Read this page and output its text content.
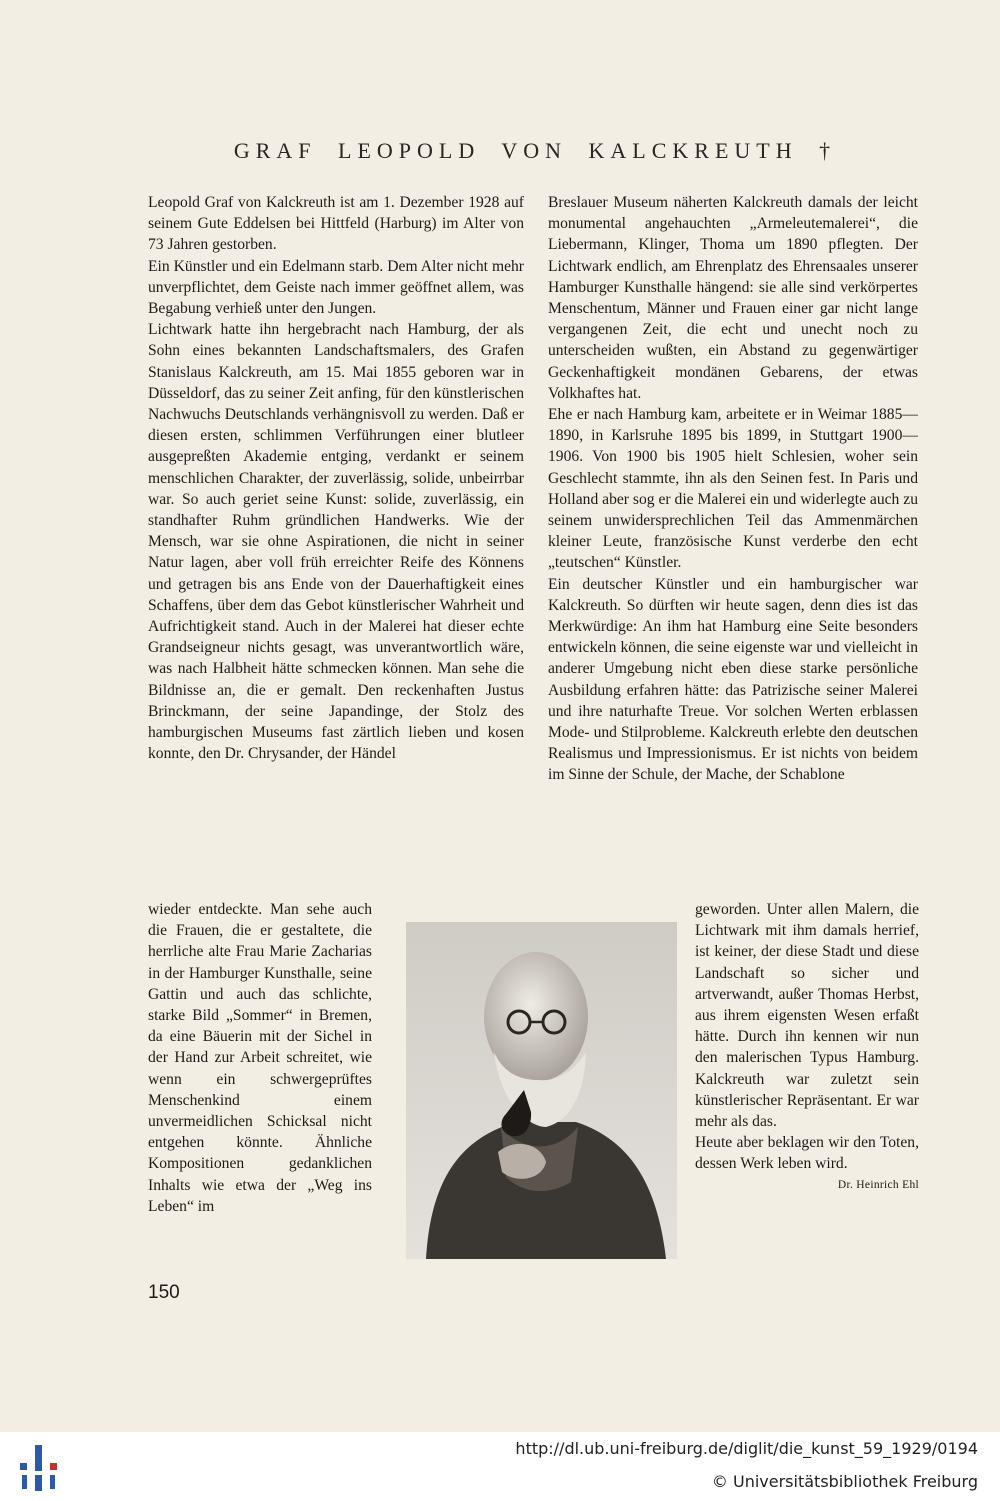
GRAF LEOPOLD VON KALCKREUTH †

Leopold Graf von Kalckreuth ist am 1. Dezember 1928 auf seinem Gute Eddelsen bei Hittfeld (Harburg) im Alter von 73 Jahren gestorben.

Ein Künstler und ein Edelmann starb. Dem Alter nicht mehr unverpflichtet, dem Geiste nach immer geöffnet allem, was Begabung verhieß unter den Jungen.

Lichtwark hatte ihn hergebracht nach Hamburg, der als Sohn eines bekannten Landschaftsmalers, des Grafen Stanislaus Kalckreuth, am 15. Mai 1855 geboren war in Düsseldorf, das zu seiner Zeit anfing, für den künstlerischen Nachwuchs Deutschlands verhängnisvoll zu werden. Daß er diesen ersten, schlimmen Verführungen einer blutleer ausgepreßten Akademie entging, verdankt er seinem menschlichen Charakter, der zuverlässig, solide, unbeirrbar war. So auch geriet seine Kunst: solide, zuverlässig, ein standhafter Ruhm gründlichen Handwerks. Wie der Mensch, war sie ohne Aspirationen, die nicht in seiner Natur lagen, aber voll früh erreichter Reife des Könnens und getragen bis ans Ende von der Dauerhaftigkeit eines Schaffens, über dem das Gebot künstlerischer Wahrheit und Aufrichtigkeit stand. Auch in der Malerei hat dieser echte Grandseigneur nichts gesagt, was unverantwortlich wäre, was nach Halbheit hätte schmecken können. Man sehe die Bildnisse an, die er gemalt. Den reckenhaften Justus Brinckmann, der seine Japandinge, der Stolz des hamburgischen Museums fast zärtlich lieben und kosen konnte, den Dr. Chrysander, der Händel

Breslauer Museum näherten Kalckreuth damals der leicht monumental angehauchten „Armeleutemalerei“, die Liebermann, Klinger, Thoma um 1890 pflegten. Der Lichtwark endlich, am Ehrenplatz des Ehrensaales unserer Hamburger Kunsthalle hängend: sie alle sind verkörpertes Menschentum, Männer und Frauen einer gar nicht lange vergangenen Zeit, die echt und unecht noch zu unterscheiden wußten, ein Abstand zu gegenwärtiger Geckenhaftigkeit mondänen Gebarens, der etwas Volkhaftes hat.

Ehe er nach Hamburg kam, arbeitete er in Weimar 1885—1890, in Karlsruhe 1895 bis 1899, in Stuttgart 1900—1906. Von 1900 bis 1905 hielt Schlesien, woher sein Geschlecht stammte, ihn als den Seinen fest. In Paris und Holland aber sog er die Malerei ein und widerlegte auch zu seinem unwidersprechlichen Teil das Ammenmärchen kleiner Leute, französische Kunst verderbe den echt „teutschen“ Künstler.

Ein deutscher Künstler und ein hamburgischer war Kalckreuth. So dürften wir heute sagen, denn dies ist das Merkwürdige: An ihm hat Hamburg eine Seite besonders entwickeln können, die seine eigenste war und vielleicht in anderer Umgebung nicht eben diese starke persönliche Ausbildung erfahren hätte: das Patrizische seiner Malerei und ihre naturhafte Treue. Vor solchen Werten erblassen Mode- und Stilprobleme. Kalckreuth erlebte den deutschen Realismus und Impressionismus. Er ist nichts von beidem im Sinne der Schule, der Mache, der Schablone

wieder entdeckte. Man sehe auch die Frauen, die er gestaltete, die herrliche alte Frau Marie Zacharias in der Hamburger Kunsthalle, seine Gattin und auch das schlichte, starke Bild „Sommer“ in Bremen, da eine Bäuerin mit der Sichel in der Hand zur Arbeit schreitet, wie wenn ein schwergeprüftes Menschenkind einem unvermeidlichen Schicksal nicht entgehen könnte. Ähnliche Kompositionen gedanklichen Inhalts wie etwa der „Weg ins Leben“ im

geworden. Unter allen Malern, die Lichtwark mit ihm damals herrief, ist keiner, der diese Stadt und diese Landschaft so sicher und artverwandt, außer Thomas Herbst, aus ihrem eigensten Wesen erfaßt hätte. Durch ihn kennen wir nun den malerischen Typus Hamburg. Kalckreuth war zuletzt sein künstlerischer Repräsentant. Er war mehr als das.

Heute aber beklagen wir den Toten, dessen Werk leben wird.
Dr. Heinrich Ehl

150
http://dl.ub.uni-freiburg.de/diglit/die_kunst_59_1929/0194
© Universitätsbibliothek Freiburg
